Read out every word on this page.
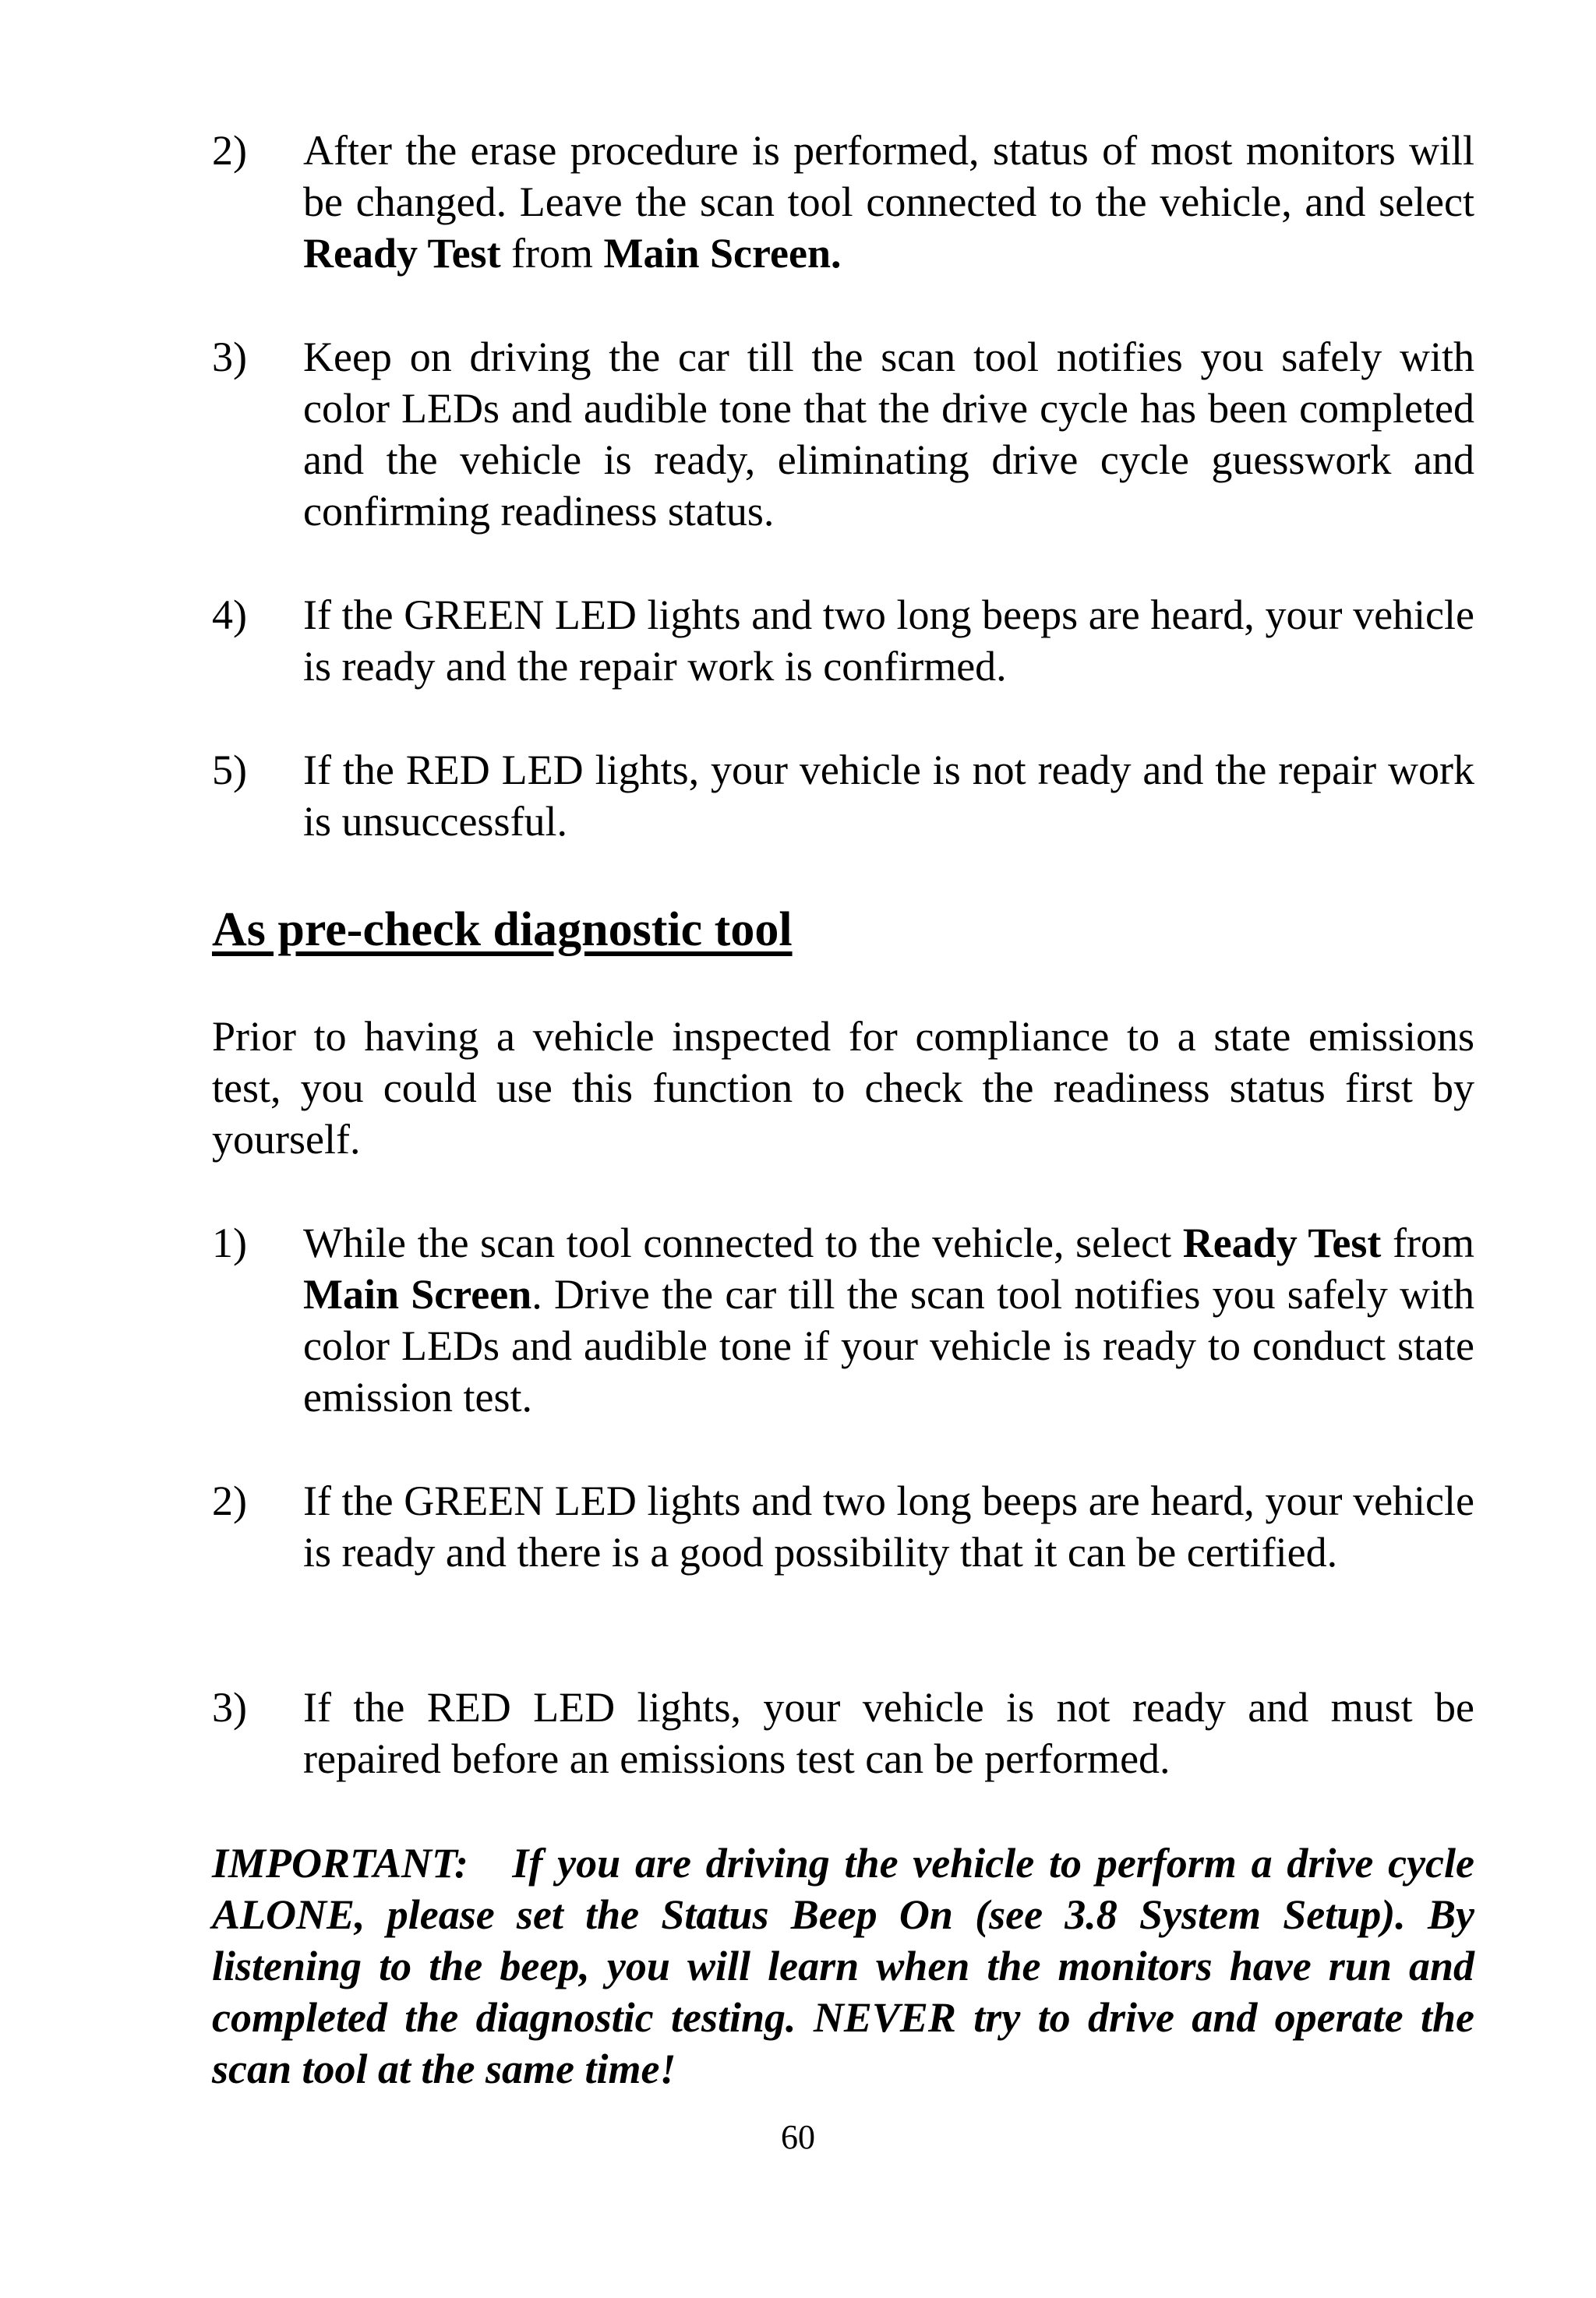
2)	After the erase procedure is performed, status of most monitors will be changed. Leave the scan tool connected to the vehicle, and select Ready Test from Main Screen.
3)	Keep on driving the car till the scan tool notifies you safely with color LEDs and audible tone that the drive cycle has been completed and the vehicle is ready, eliminating drive cycle guesswork and confirming readiness status.
4)	If the GREEN LED lights and two long beeps are heard, your vehicle is ready and the repair work is confirmed.
5)	If the RED LED lights, your vehicle is not ready and the repair work is unsuccessful.
As pre-check diagnostic tool
Prior to having a vehicle inspected for compliance to a state emissions test, you could use this function to check the readiness status first by yourself.
1)	While the scan tool connected to the vehicle, select Ready Test from Main Screen. Drive the car till the scan tool notifies you safely with color LEDs and audible tone if your vehicle is ready to conduct state emission test.
2)	If the GREEN LED lights and two long beeps are heard, your vehicle is ready and there is a good possibility that it can be certified.
3)	If the RED LED lights, your vehicle is not ready and must be repaired before an emissions test can be performed.
IMPORTANT:   If you are driving the vehicle to perform a drive cycle ALONE, please set the Status Beep On (see 3.8 System Setup). By listening to the beep, you will learn when the monitors have run and completed the diagnostic testing. NEVER try to drive and operate the scan tool at the same time!
60
